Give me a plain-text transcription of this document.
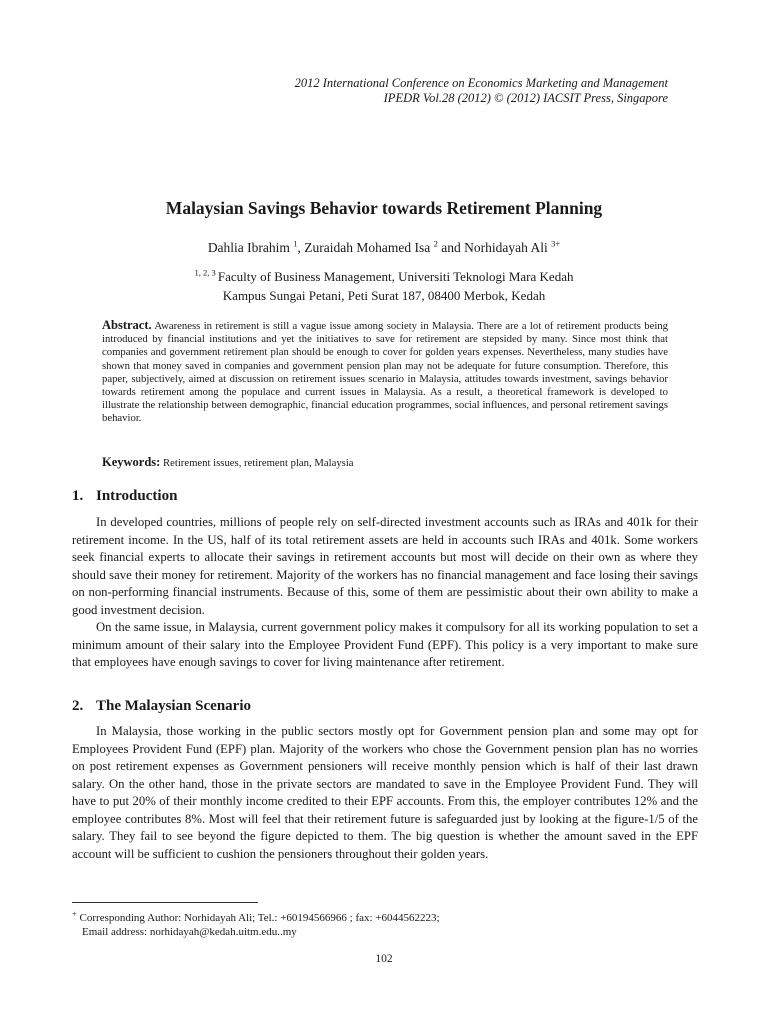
2012 International Conference on Economics Marketing and Management
IPEDR Vol.28 (2012) © (2012) IACSIT Press, Singapore
Malaysian Savings Behavior towards Retirement Planning
Dahlia Ibrahim $^1$, Zuraidah Mohamed Isa $^2$ and Norhidayah Ali $^{3+}$
$^{1, 2, 3}$ Faculty of Business Management, Universiti Teknologi Mara Kedah
Kampus Sungai Petani, Peti Surat 187, 08400 Merbok, Kedah
Abstract. Awareness in retirement is still a vague issue among society in Malaysia. There are a lot of retirement products being introduced by financial institutions and yet the initiatives to save for retirement are stepsided by many. Since most think that companies and government retirement plan should be enough to cover for golden years expenses. Nevertheless, many studies have shown that money saved in companies and government pension plan may not be adequate for future consumption. Therefore, this paper, subjectively, aimed at discussion on retirement issues scenario in Malaysia, attitudes towards investment, savings behavior towards retirement among the populace and current issues in Malaysia. As a result, a theoretical framework is developed to illustrate the relationship between demographic, financial education programmes, social influences, and personal retirement savings behavior.
Keywords: Retirement issues, retirement plan, Malaysia
1. Introduction
In developed countries, millions of people rely on self-directed investment accounts such as IRAs and 401k for their retirement income. In the US, half of its total retirement assets are held in accounts such IRAs and 401k. Some workers seek financial experts to allocate their savings in retirement accounts but most will decide on their own as where they should save their money for retirement. Majority of the workers has no financial management and face losing their savings on non-performing financial instruments. Because of this, some of them are pessimistic about their own ability to make a good investment decision.
On the same issue, in Malaysia, current government policy makes it compulsory for all its working population to set a minimum amount of their salary into the Employee Provident Fund (EPF). This policy is a very important to make sure that employees have enough savings to cover for living maintenance after retirement.
2. The Malaysian Scenario
In Malaysia, those working in the public sectors mostly opt for Government pension plan and some may opt for Employees Provident Fund (EPF) plan. Majority of the workers who chose the Government pension plan has no worries on post retirement expenses as Government pensioners will receive monthly pension which is half of their last drawn salary. On the other hand, those in the private sectors are mandated to save in the Employee Provident Fund. They will have to put 20% of their monthly income credited to their EPF accounts. From this, the employer contributes 12% and the employee contributes 8%. Most will feel that their retirement future is safeguarded just by looking at the figure-1/5 of the salary. They fail to see beyond the figure depicted to them. The big question is whether the amount saved in the EPF account will be sufficient to cushion the pensioners throughout their golden years.
+ Corresponding Author: Norhidayah Ali; Tel.: +60194566966 ; fax: +6044562223;
Email address: norhidayah@kedah.uitm.edu..my
102
